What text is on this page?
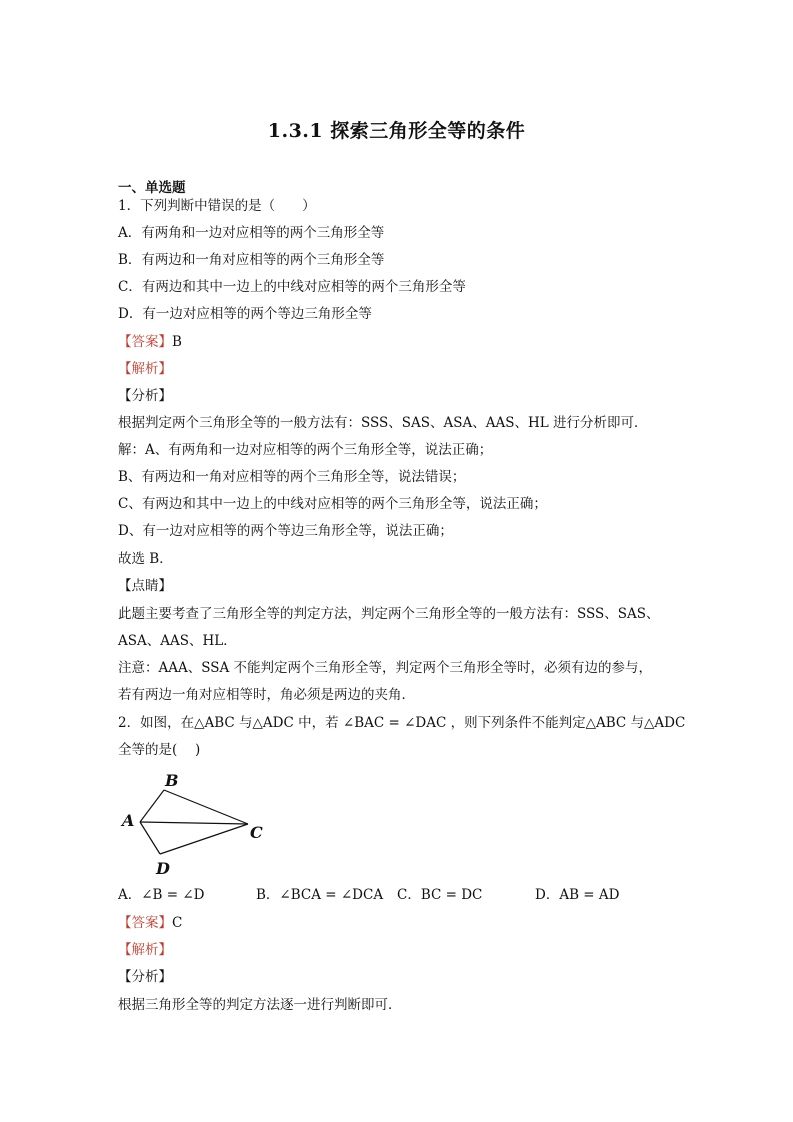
1.3.1 探索三角形全等的条件
一、单选题
1．下列判断中错误的是（　　）
A．有两角和一边对应相等的两个三角形全等
B．有两边和一角对应相等的两个三角形全等
C．有两边和其中一边上的中线对应相等的两个三角形全等
D．有一边对应相等的两个等边三角形全等
【答案】B
【解析】
【分析】
根据判定两个三角形全等的一般方法有：SSS、SAS、ASA、AAS、HL 进行分析即可．
解：A、有两角和一边对应相等的两个三角形全等，说法正确；
B、有两边和一角对应相等的两个三角形全等，说法错误；
C、有两边和其中一边上的中线对应相等的两个三角形全等，说法正确；
D、有一边对应相等的两个等边三角形全等，说法正确；
故选 B．
【点睛】
此题主要考查了三角形全等的判定方法，判定两个三角形全等的一般方法有：SSS、SAS、
ASA、AAS、HL．
注意：AAA、SSA 不能判定两个三角形全等，判定两个三角形全等时，必须有边的参与，
若有两边一角对应相等时，角必须是两边的夹角．
2．如图，在△ABC 与△ADC 中，若 ∠BAC = ∠DAC ，则下列条件不能判定△ABC 与△ADC
全等的是(　 )
B
A
C
D
A．∠B = ∠D	B．∠BCA = ∠DCA C．BC = DC	D．AB = AD
【答案】C
【解析】
【分析】
根据三角形全等的判定方法逐一进行判断即可．
